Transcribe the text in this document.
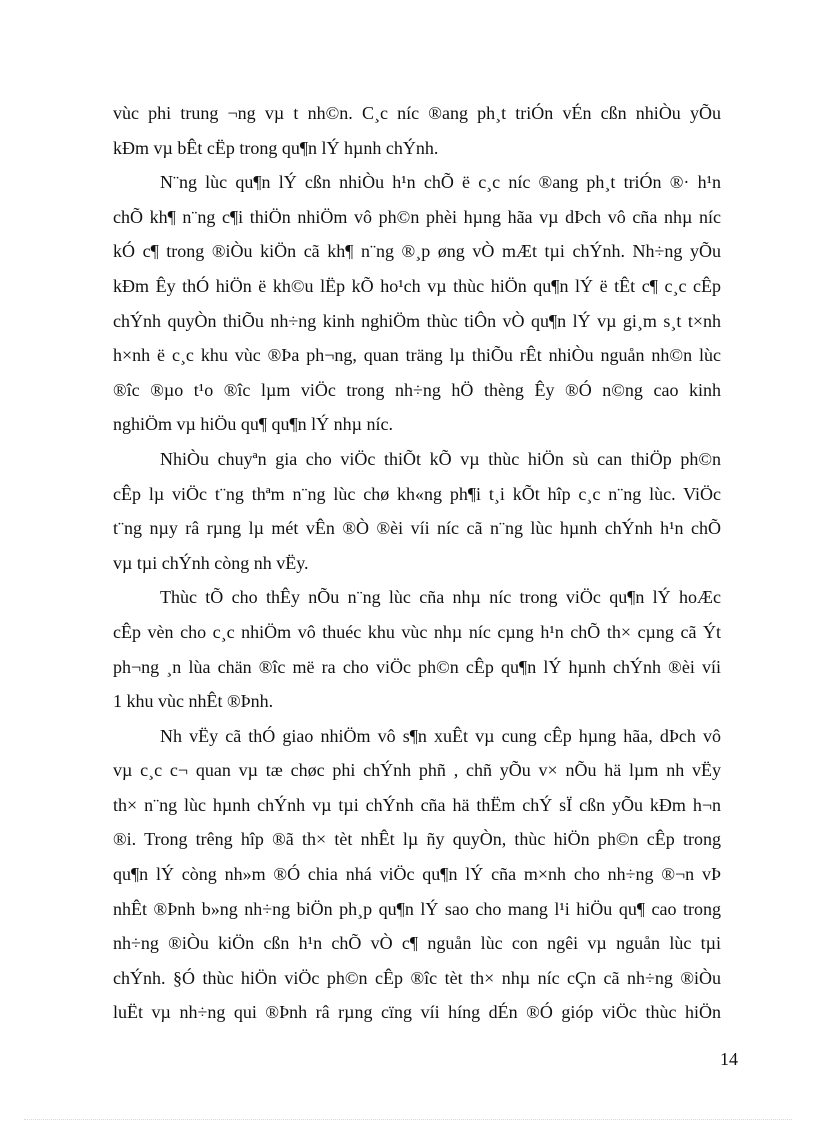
vùc phi trung ¬ng vµ t nh©n. C¸c níc ®ang ph¸t triÓn vÉn cßn nhiÒu yÕu
kÐm vµ bÊt cËp trong qu¶n lÝ hµnh chÝnh.
N¨ng lùc qu¶n lÝ cßn nhiÒu h¹n chÕ ë c¸c níc ®ang ph¸t triÓn ®· h¹n
chÕ kh¶ n¨ng c¶i thiÖn nhiÖm vô ph©n phèi hµng hãa vµ dÞch vô cña nhµ níc
kÓ c¶ trong ®iÒu kiÖn cã kh¶ n¨ng ®¸p øng vÒ mÆt tµi chÝnh. Nh÷ng yÕu
kÐm Êy thÓ hiÖn ë kh©u lËp kÕ ho¹ch vµ thùc hiÖn qu¶n lÝ ë tÊt c¶ c¸c cÊp
chÝnh quyÒn thiÕu nh÷ng kinh nghiÖm thùc tiÔn vÒ qu¶n lÝ vµ gi¸m s¸t t×nh
h×nh ë c¸c khu vùc ®Þa ph¬ng, quan träng lµ thiÕu rÊt nhiÒu nguån nh©n lùc
®îc ®µo t¹o ®îc lµm viÖc trong nh÷ng hÖ thèng Êy ®Ó n©ng cao kinh
nghiÖm vµ hiÖu qu¶ qu¶n lÝ nhµ níc.
NhiÒu chuyªn gia cho viÖc thiÕt kÕ vµ thùc hiÖn sù can thiÖp ph©n
cÊp lµ viÖc t¨ng thªm n¨ng lùc chø kh«ng ph¶i t¸i kÕt hîp c¸c n¨ng lùc. ViÖc
t¨ng nµy râ rµng lµ mét vÊn ®Ò ®èi víi níc cã n¨ng lùc hµnh chÝnh h¹n chÕ
vµ tµi chÝnh còng nh vËy.
Thùc tÕ cho thÊy nÕu n¨ng lùc cña nhµ níc trong viÖc qu¶n lÝ hoÆc
cÊp vèn cho c¸c nhiÖm vô thuéc khu vùc nhµ níc cµng h¹n chÕ th× cµng cã Ýt
ph¬ng ¸n lùa chän ®îc më ra cho viÖc ph©n cÊp qu¶n lÝ hµnh chÝnh ®èi víi
1 khu vùc nhÊt ®Þnh.
Nh vËy cã thÓ giao nhiÖm vô s¶n xuÊt vµ cung cÊp hµng hãa, dÞch vô
vµ c¸c c¬ quan vµ tæ chøc phi chÝnh phñ , chñ yÕu v× nÕu hä lµm nh vËy
th× n¨ng lùc hµnh chÝnh vµ tµi chÝnh cña hä thËm chÝ sÏ cßn yÕu kÐm h¬n
®i. Trong trêng hîp ®ã th× tèt nhÊt lµ ñy quyÒn, thùc hiÖn ph©n cÊp trong
qu¶n lÝ còng nh»m ®Ó chia nhá viÖc qu¶n lÝ cña m×nh cho nh÷ng ®¬n vÞ
nhÊt ®Þnh b»ng nh÷ng biÖn ph¸p qu¶n lÝ sao cho mang l¹i hiÖu qu¶ cao trong
nh÷ng ®iÒu kiÖn cßn h¹n chÕ vÒ c¶ nguån lùc con ngêi vµ nguån lùc tµi
chÝnh. §Ó thùc hiÖn viÖc ph©n cÊp ®îc tèt th× nhµ níc cÇn cã nh÷ng ®iÒu
luËt vµ nh÷ng qui ®Þnh râ rµng cïng víi híng dÉn ®Ó gióp viÖc thùc hiÖn
14
